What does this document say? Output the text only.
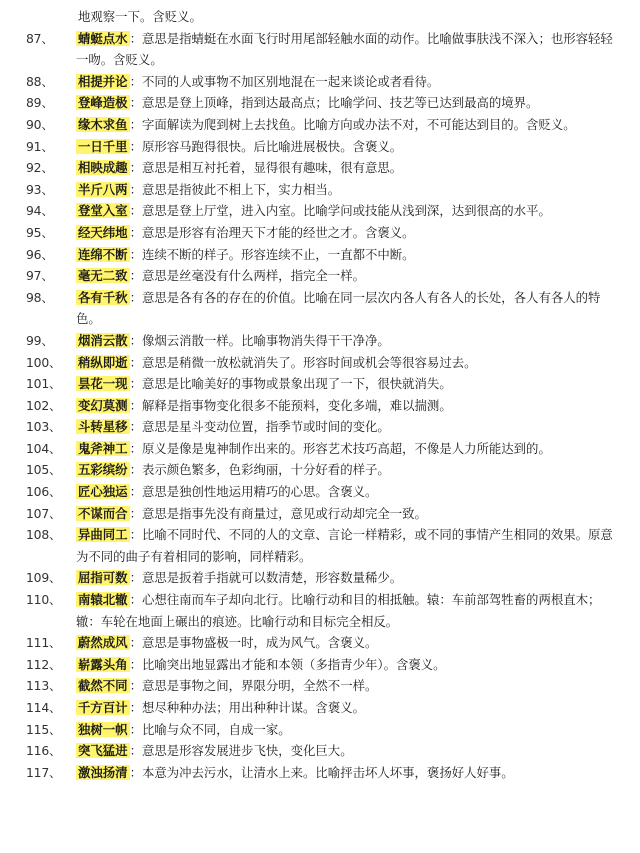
地观察一下。含贬义。
87、	蜻蜓点水 ：意思是指蜻蜓在水面飞行时用尾部轻触水面的动作。比喻做事肤浅不深入；也形容轻轻一吻。含贬义。
88、	相提并论 ：不同的人或事物不加区别地混在一起来谈论或者看待。
89、	登峰造极 ：意思是登上顶峰，指到达最高点；比喻学问、技艺等已达到最高的境界。
90、	缘木求鱼 ：字面解读为爬到树上去找鱼。比喻方向或办法不对，不可能达到目的。含贬义。
91、	一日千里 ：原形容马跑得很快。后比喻进展极快。含褒义。
92、	相映成趣 ：意思是相互衬托着，显得很有趣味，很有意思。
93、	半斤八两 ：意思是指彼此不相上下，实力相当。
94、	登堂入室 ：意思是登上厅堂，进入内室。比喻学问或技能从浅到深，达到很高的水平。
95、	经天纬地 ：意思是形容有治理天下才能的经世之才。含褒义。
96、	连绵不断 ：连续不断的样子。形容连续不止，一直都不中断。
97、	毫无二致 ：意思是丝毫没有什么两样，指完全一样。
98、	各有千秋 ：意思是各有各的存在的价值。比喻在同一层次内各人有各人的长处，各人有各人的特色。
99、	烟消云散 ：像烟云消散一样。比喻事物消失得干干净净。
100、	稍纵即逝 ：意思是稍微一放松就消失了。形容时间或机会等很容易过去。
101、	昙花一现 ：意思是比喻美好的事物或景象出现了一下，很快就消失。
102、	变幻莫测 ：解释是指事物变化很多不能预料，变化多端，难以揣测。
103、	斗转星移 ：意思是星斗变动位置，指季节或时间的变化。
104、	鬼斧神工 ：原义是像是鬼神制作出来的。形容艺术技巧高超，不像是人力所能达到的。
105、	五彩缤纷 ：表示颜色繁多，色彩绚丽，十分好看的样子。
106、	匠心独运 ：意思是独创性地运用精巧的心思。含褒义。
107、	不谋而合 ：意思是指事先没有商量过，意见或行动却完全一致。
108、	异曲同工 ：比喻不同时代、不同的人的文章、言论一样精彩，或不同的事情产生相同的效果。原意为不同的曲子有着相同的影响，同样精彩。
109、	屈指可数 ：意思是扳着手指就可以数清楚，形容数量稀少。
110、	南辕北辙 ：心想往南而车子却向北行。比喻行动和目的相抵触。辕：车前部驾牲畜的两根直木；辙：车轮在地面上碾出的痕迹。比喻行动和目标完全相反。
111、	蔚然成风 ：意思是事物盛极一时，成为风气。含褒义。
112、	崭露头角 ：比喻突出地显露出才能和本领（多指青少年）。含褒义。
113、	截然不同 ：意思是事物之间，界限分明，全然不一样。
114、	千方百计 ：想尽种种办法；用出种种计谋。含褒义。
115、	独树一帜 ：比喻与众不同，自成一家。
116、	突飞猛进 ：意思是形容发展进步飞快，变化巨大。
117、	激浊扬清 ：本意为冲去污水，让清水上来。比喻抨击坏人坏事，褒扬好人好事。
